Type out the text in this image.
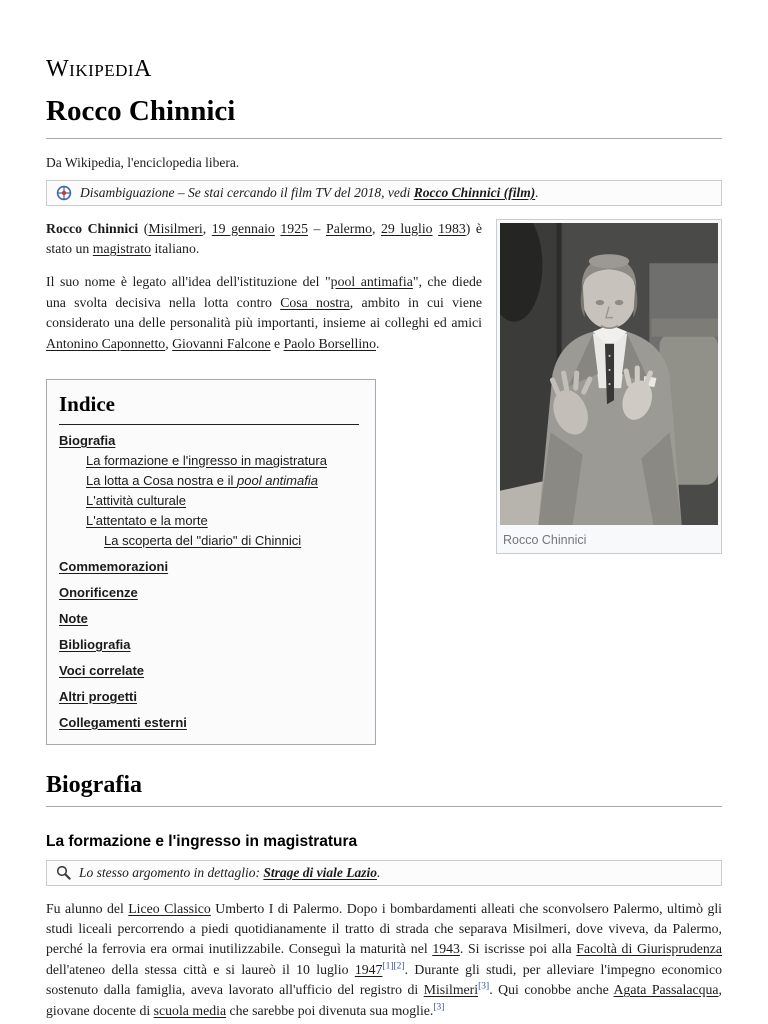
WikipediA
Rocco Chinnici
Da Wikipedia, l'enciclopedia libera.
Disambiguazione – Se stai cercando il film TV del 2018, vedi Rocco Chinnici (film).
Rocco Chinnici

Rocco Chinnici (Misilmeri, 19 gennaio 1925 – Palermo, 29 luglio 1983) è stato un magistrato italiano.

Il suo nome è legato all'idea dell'istituzione del "pool antimafia", che diede una svolta decisiva nella lotta contro Cosa nostra, ambito in cui viene considerato una delle personalità più importanti, insieme ai colleghi ed amici Antonino Caponnetto, Giovanni Falcone e Paolo Borsellino.

Indice
Biografia
La formazione e l'ingresso in magistratura
La lotta a Cosa nostra e il pool antimafia
L'attività culturale
L'attentato e la morte
La scoperta del "diario" di Chinnici
Commemorazioni
Onorificenze
Note
Bibliografia
Voci correlate
Altri progetti
Collegamenti esterni
Biografia
La formazione e l'ingresso in magistratura
Lo stesso argomento in dettaglio: Strage di viale Lazio.

Fu alunno del Liceo Classico Umberto I di Palermo. Dopo i bombardamenti alleati che sconvolsero Palermo, ultimò gli studi liceali percorrendo a piedi quotidianamente il tratto di strada che separava Misilmeri, dove viveva, da Palermo, perché la ferrovia era ormai inutilizzabile. Conseguì la maturità nel 1943. Si iscrisse poi alla Facoltà di Giurisprudenza dell'ateneo della stessa città e si laureò il 10 luglio 1947[1][2]. Durante gli studi, per alleviare l'impegno economico sostenuto dalla famiglia, aveva lavorato all'ufficio del registro di Misilmeri[3]. Qui conobbe anche Agata Passalacqua, giovane docente di scuola media che sarebbe poi divenuta sua moglie.[3]
